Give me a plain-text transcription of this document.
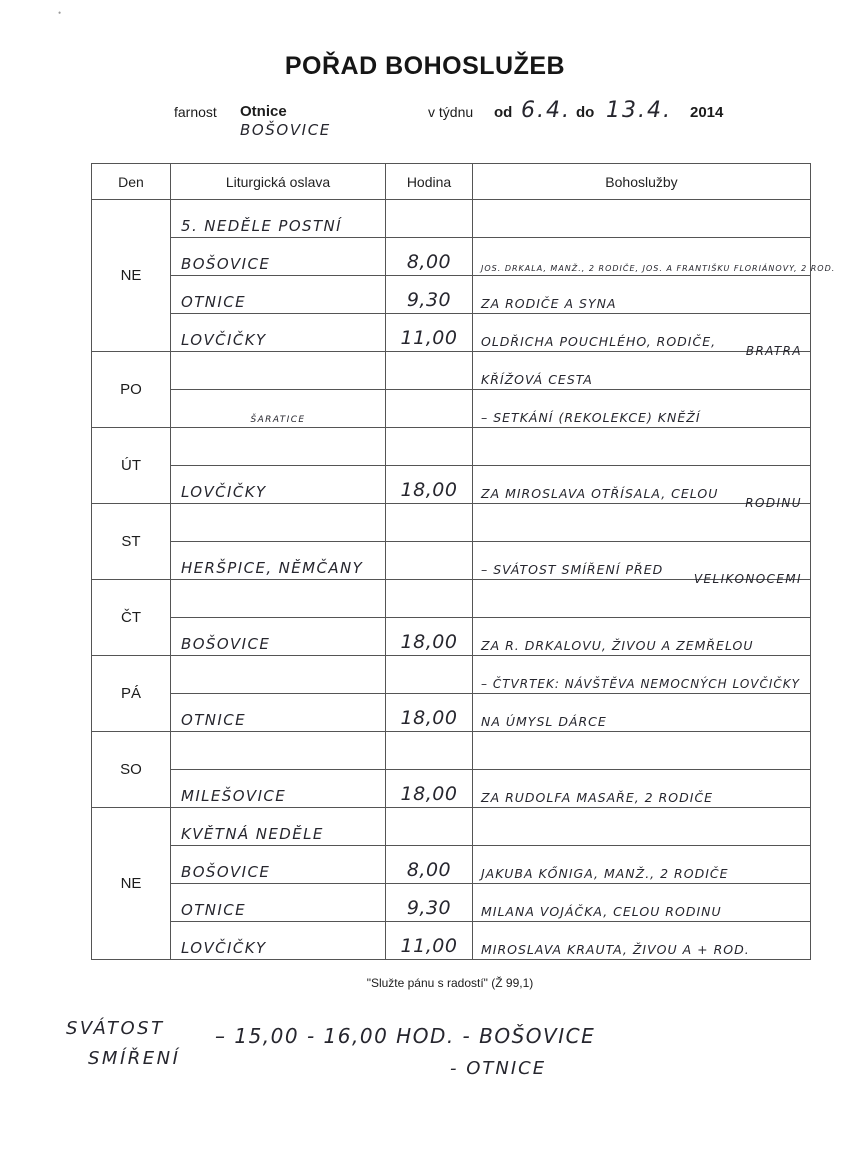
•
POŘAD BOHOSLUŽEB
farnost Otnice
BOŠOVICE
v týdnu od 6.4. do 13.4. 2014
Den	Liturgická oslava	Hodina	Bohoslužby
NE	5. NEDĚLE POSTNÍ		

	BOŠOVICE	8,00	JOS. DRKALA, MANŽ., 2 RODIČE, JOS. A FRANTIŠKU FLORIÁNOVY, 2 ROD.

	OTNICE	9,30	ZA RODIČE A SYNA

	LOVČIČKY	11,00	OLDŘICHA POUCHLÉHO, RODIČE,
BRATRA

PO			KŘÍŽOVÁ CESTA

	ŠARATICE		– SETKÁNÍ (REKOLEKCE) KNĚŽÍ

ÚT	

	LOVČIČKY	18,00	ZA MIROSLAVA OTŘÍSALA, CELOU
RODINU

ST	

	HERŠPICE, NĚMČANY		– SVÁTOST SMÍŘENÍ PŘED
VELIKONOCEMI

ČT	

	BOŠOVICE	18,00	ZA R. DRKALOVU, ŽIVOU A ZEMŘELOU

PÁ			– ČTVRTEK: NÁVŠTĚVA NEMOCNÝCH LOVČIČKY

	OTNICE	18,00	NA ÚMYSL DÁRCE

SO	

	MILEŠOVICE	18,00	ZA RUDOLFA MASAŘE, 2 RODIČE

NE	KVĚTNÁ NEDĚLE		

	BOŠOVICE	8,00	JAKUBA KŐNIGA, MANŽ., 2 RODIČE

	OTNICE	9,30	MILANA VOJÁČKA, CELOU RODINU

	LOVČIČKY	11,00	MIROSLAVA KRAUTA, ŽIVOU A + ROD.
"Služte pánu s radostí" (Ž 99,1)
SVÁTOST
SMÍŘENÍ
– 15,00 - 16,00 HOD. - BOŠOVICE
- OTNICE
